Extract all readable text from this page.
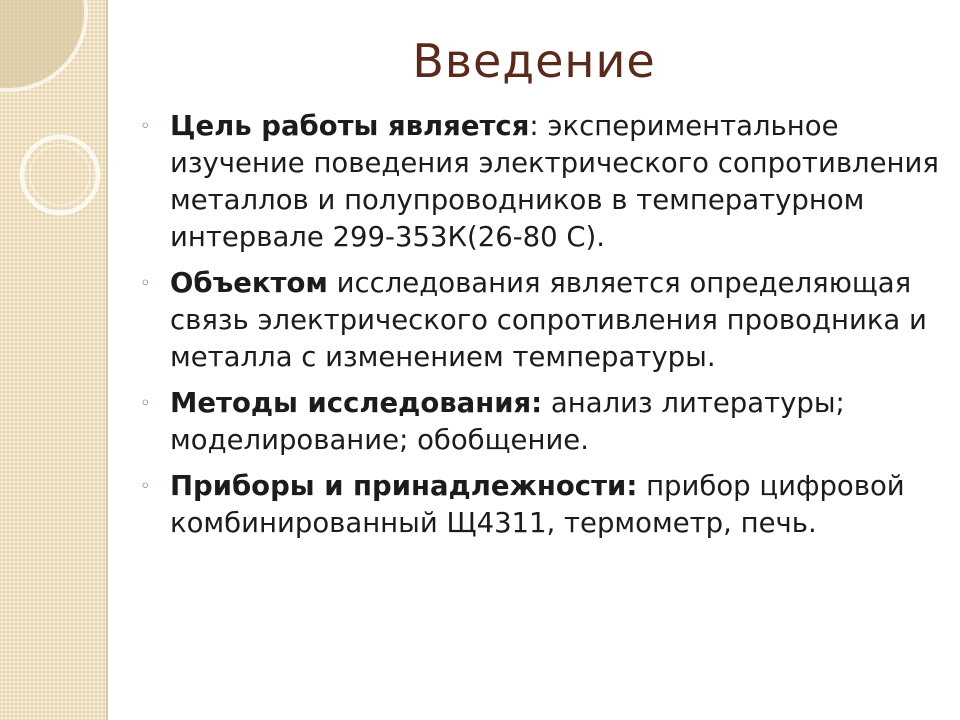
Введение
◦ Цель работы является: экспериментальное изучение поведения электрического сопротивления металлов и полупроводников в температурном интервале 299-353К(26-80 С).
◦ Объектом исследования является определяющая связь электрического сопротивления проводника и металла с изменением температуры.
◦ Методы исследования: анализ литературы; моделирование; обобщение.
◦ Приборы и принадлежности: прибор цифровой комбинированный Щ4311, термометр, печь.
